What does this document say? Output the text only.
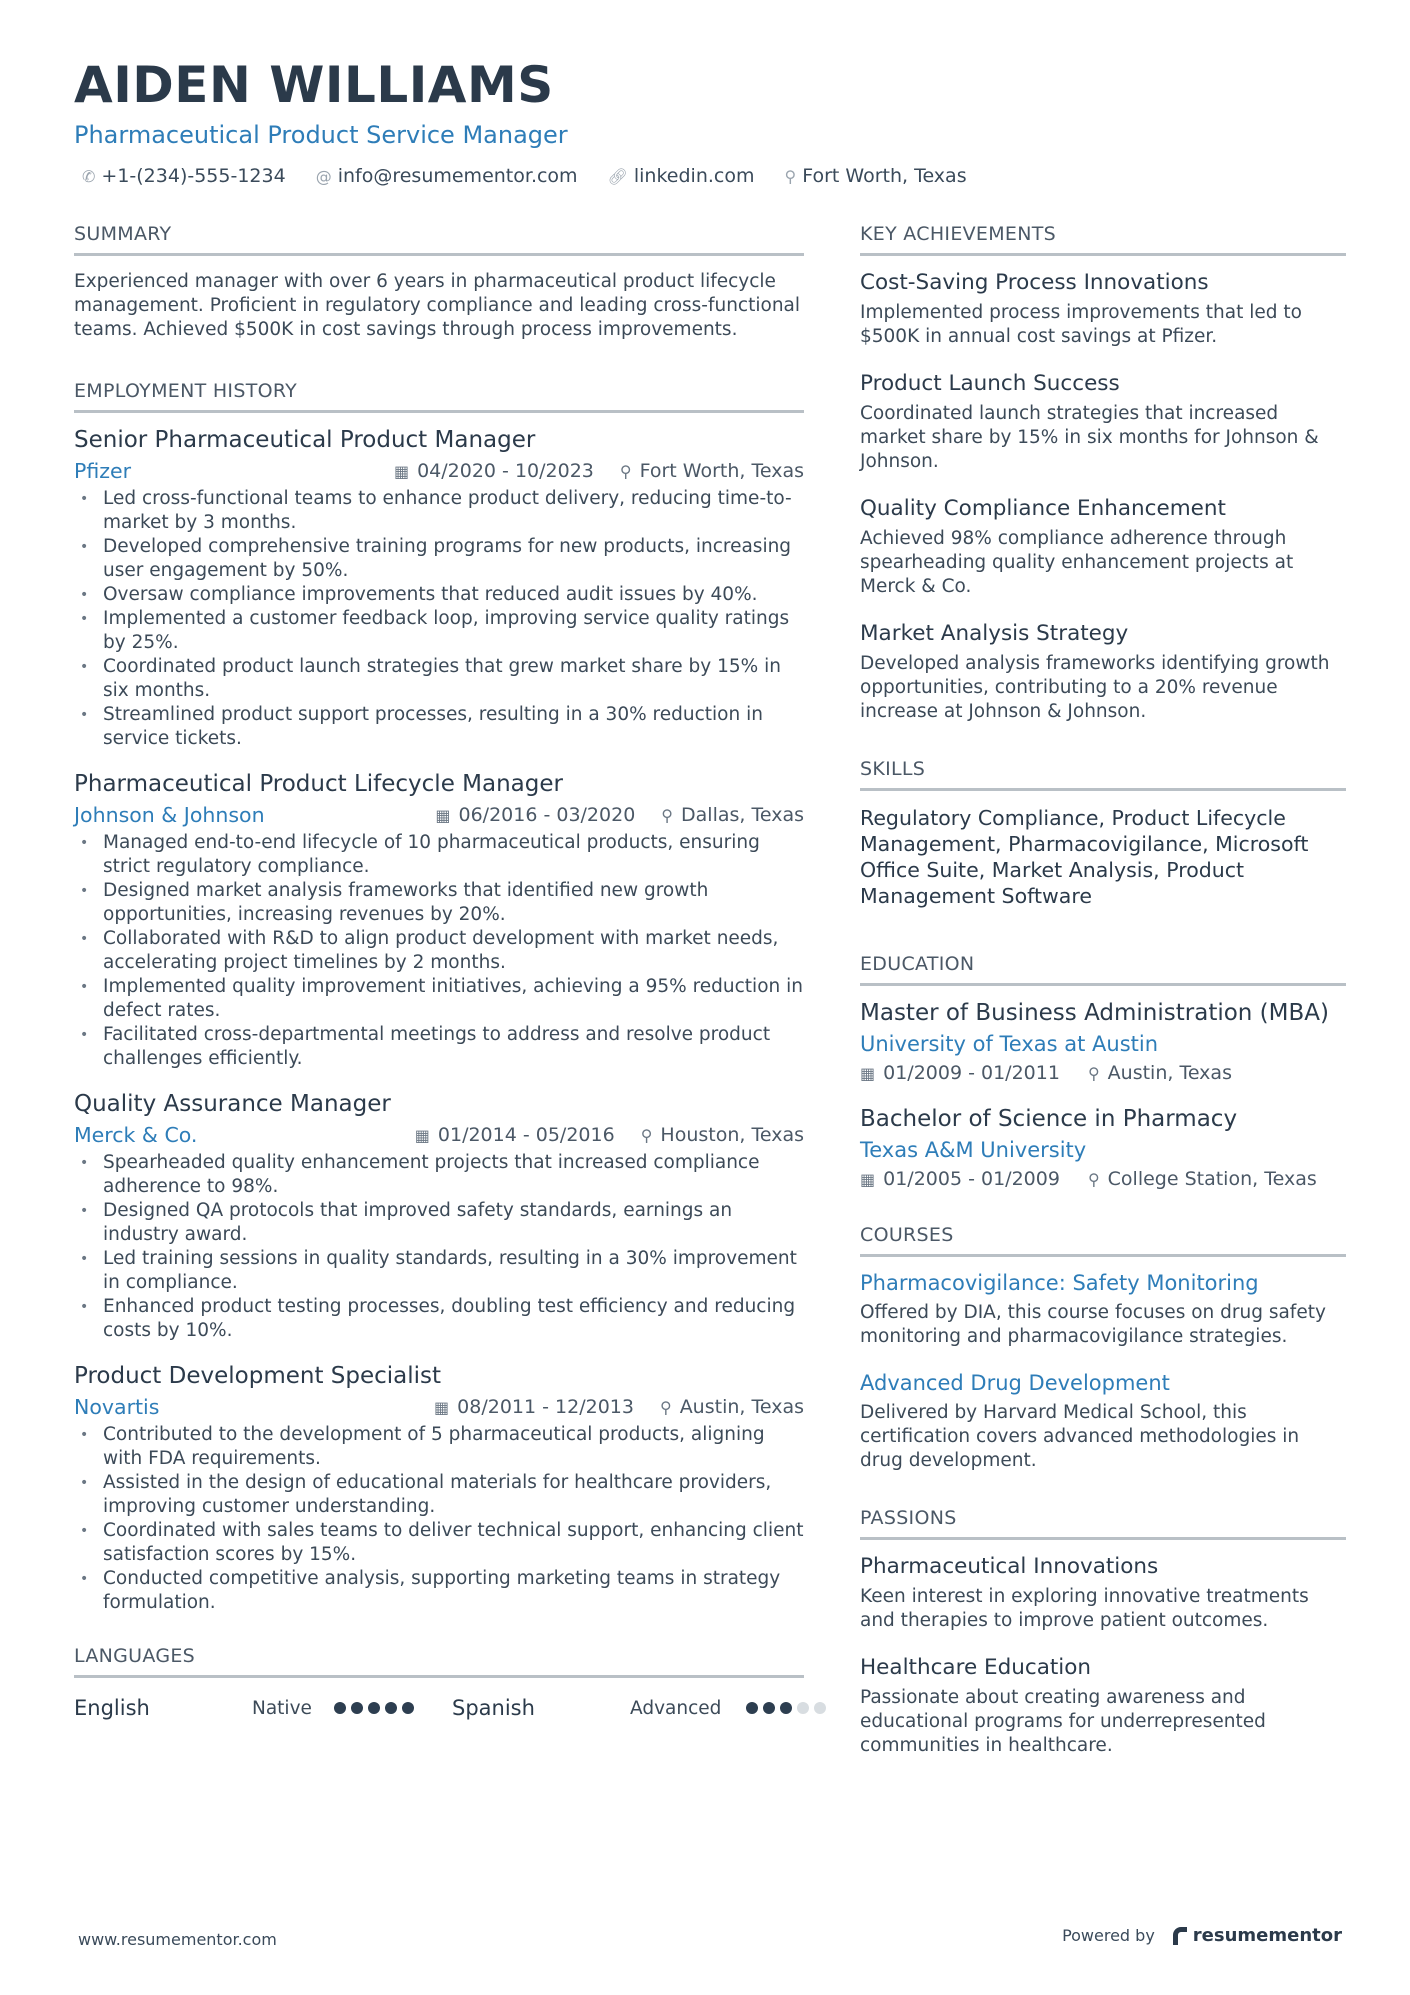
AIDEN WILLIAMS
Pharmaceutical Product Service Manager
✆ +1-(234)-555-1234 @ info@resumementor.com 🔗︎ linkedin.com ⚲ Fort Worth, Texas
SUMMARY
Experienced manager with over 6 years in pharmaceutical product lifecycle management. Proficient in regulatory compliance and leading cross-functional teams. Achieved $500K in cost savings through process improvements.
EMPLOYMENT HISTORY
Senior Pharmaceutical Product Manager
Pfizer	▦ 04/2020 - 10/2023 ⚲ Fort Worth, Texas
• Led cross-functional teams to enhance product delivery, reducing time-to-market by 3 months.
• Developed comprehensive training programs for new products, increasing user engagement by 50%.
• Oversaw compliance improvements that reduced audit issues by 40%.
• Implemented a customer feedback loop, improving service quality ratings by 25%.
• Coordinated product launch strategies that grew market share by 15% in six months.
• Streamlined product support processes, resulting in a 30% reduction in service tickets.
Pharmaceutical Product Lifecycle Manager
Johnson & Johnson	▦ 06/2016 - 03/2020 ⚲ Dallas, Texas
• Managed end-to-end lifecycle of 10 pharmaceutical products, ensuring strict regulatory compliance.
• Designed market analysis frameworks that identified new growth opportunities, increasing revenues by 20%.
• Collaborated with R&D to align product development with market needs, accelerating project timelines by 2 months.
• Implemented quality improvement initiatives, achieving a 95% reduction in defect rates.
• Facilitated cross-departmental meetings to address and resolve product challenges efficiently.
Quality Assurance Manager
Merck & Co.	▦ 01/2014 - 05/2016 ⚲ Houston, Texas
• Spearheaded quality enhancement projects that increased compliance adherence to 98%.
• Designed QA protocols that improved safety standards, earnings an industry award.
• Led training sessions in quality standards, resulting in a 30% improvement in compliance.
• Enhanced product testing processes, doubling test efficiency and reducing costs by 10%.
Product Development Specialist
Novartis	▦ 08/2011 - 12/2013 ⚲ Austin, Texas
• Contributed to the development of 5 pharmaceutical products, aligning with FDA requirements.
• Assisted in the design of educational materials for healthcare providers, improving customer understanding.
• Coordinated with sales teams to deliver technical support, enhancing client satisfaction scores by 15%.
• Conducted competitive analysis, supporting marketing teams in strategy formulation.
LANGUAGES
English	Native	Spanish	Advanced
KEY ACHIEVEMENTS
Cost-Saving Process Innovations
Implemented process improvements that led to $500K in annual cost savings at Pfizer.
Product Launch Success
Coordinated launch strategies that increased market share by 15% in six months for Johnson & Johnson.
Quality Compliance Enhancement
Achieved 98% compliance adherence through spearheading quality enhancement projects at Merck & Co.
Market Analysis Strategy
Developed analysis frameworks identifying growth opportunities, contributing to a 20% revenue increase at Johnson & Johnson.
SKILLS
Regulatory Compliance, Product Lifecycle Management, Pharmacovigilance, Microsoft Office Suite, Market Analysis, Product Management Software
EDUCATION
Master of Business Administration (MBA)
University of Texas at Austin
▦ 01/2009 - 01/2011 ⚲ Austin, Texas
Bachelor of Science in Pharmacy
Texas A&M University
▦ 01/2005 - 01/2009 ⚲ College Station, Texas
COURSES
Pharmacovigilance: Safety Monitoring
Offered by DIA, this course focuses on drug safety monitoring and pharmacovigilance strategies.
Advanced Drug Development
Delivered by Harvard Medical School, this certification covers advanced methodologies in drug development.
PASSIONS
Pharmaceutical Innovations
Keen interest in exploring innovative treatments and therapies to improve patient outcomes.
Healthcare Education
Passionate about creating awareness and educational programs for underrepresented communities in healthcare.
www.resumementor.com	Powered by resumementor
